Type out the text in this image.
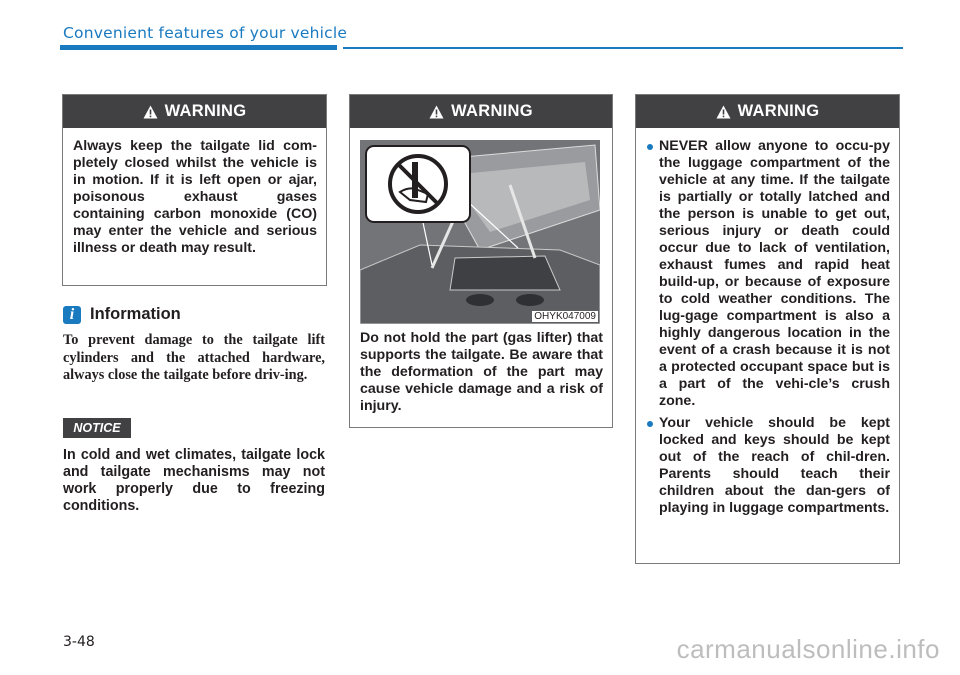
Convenient features of your vehicle
WARNING
Always keep the tailgate lid com-pletely closed whilst the vehicle is in motion. If it is left open or ajar, poisonous exhaust gases containing carbon monoxide (CO) may enter the vehicle and serious illness or death may result.
i Information
To prevent damage to the tailgate lift cylinders and the attached hardware, always close the tailgate before driv-ing.
NOTICE
In cold and wet climates, tailgate lock and tailgate mechanisms may not work properly due to freezing conditions.
WARNING
OHYK047009
Do not hold the part (gas lifter) that supports the tailgate. Be aware that the deformation of the part may cause vehicle damage and a risk of injury.
WARNING
NEVER allow anyone to occu-py the luggage compartment of the vehicle at any time. If the tailgate is partially or totally latched and the person is unable to get out, serious injury or death could occur due to lack of ventilation, exhaust fumes and rapid heat build-up, or because of exposure to cold weather conditions. The lug-gage compartment is also a highly dangerous location in the event of a crash because it is not a protected occupant space but is a part of the vehi-cle’s crush zone.
Your vehicle should be kept locked and keys should be kept out of the reach of chil-dren. Parents should teach their children about the dan-gers of playing in luggage compartments.
3-48	carmanualsonline.info
